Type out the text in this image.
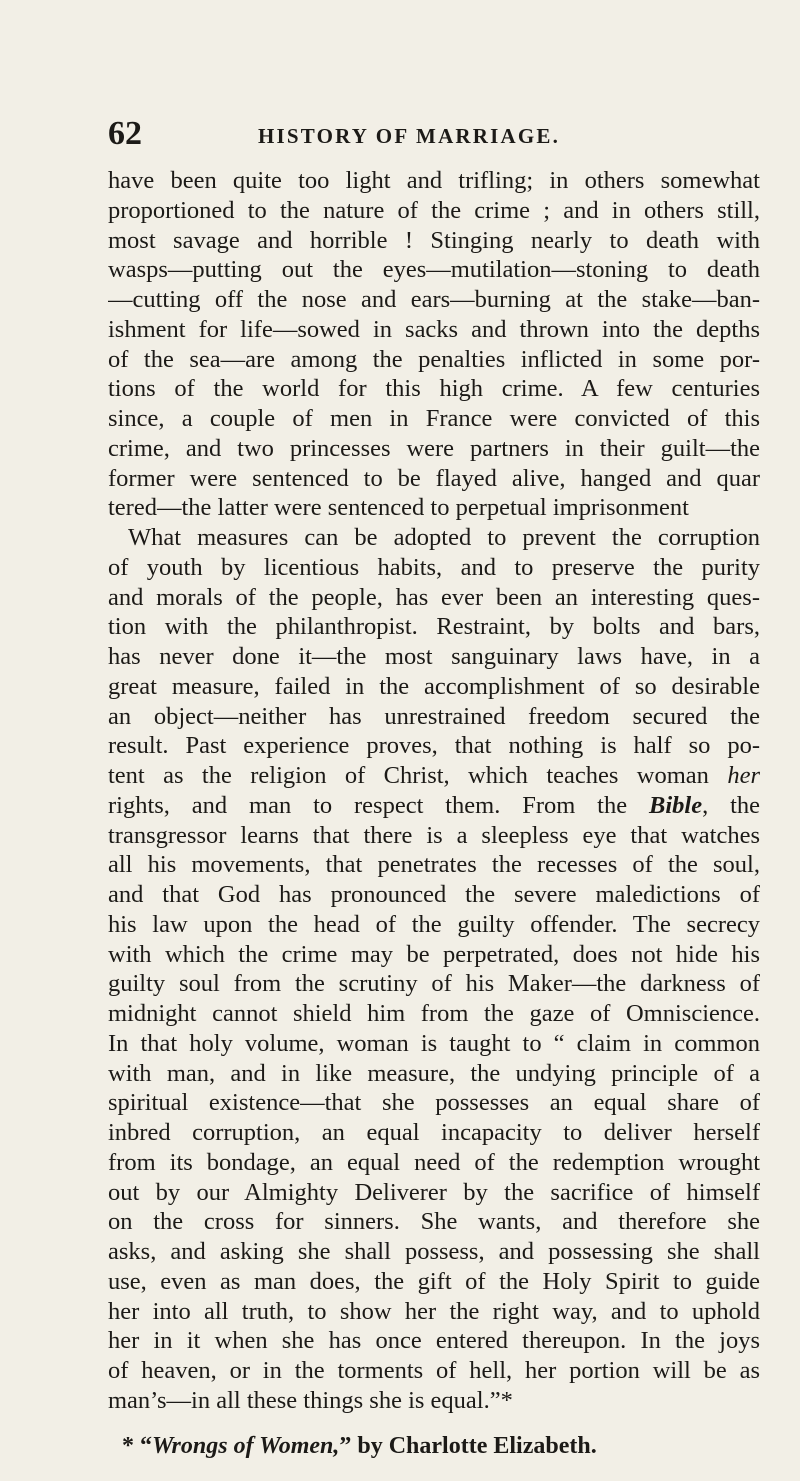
62	HISTORY OF MARRIAGE.
have been quite too light and trifling; in others somewhat
proportioned to the nature of the crime ; and in others still,
most savage and horrible ! Stinging nearly to death with
wasps—putting out the eyes—mutilation—stoning to death
—cutting off the nose and ears—burning at the stake—ban-
ishment for life—sowed in sacks and thrown into the depths
of the sea—are among the penalties inflicted in some por-
tions of the world for this high crime. A few centuries
since, a couple of men in France were convicted of this
crime, and two princesses were partners in their guilt—the
former were sentenced to be flayed alive, hanged and quar
tered—the latter were sentenced to perpetual imprisonment
What measures can be adopted to prevent the corruption
of youth by licentious habits, and to preserve the purity
and morals of the people, has ever been an interesting ques-
tion with the philanthropist. Restraint, by bolts and bars,
has never done it—the most sanguinary laws have, in a
great measure, failed in the accomplishment of so desirable
an object—neither has unrestrained freedom secured the
result. Past experience proves, that nothing is half so po-
tent as the religion of Christ, which teaches woman her
rights, and man to respect them. From the Bible, the
transgressor learns that there is a sleepless eye that watches
all his movements, that penetrates the recesses of the soul,
and that God has pronounced the severe maledictions of
his law upon the head of the guilty offender. The secrecy
with which the crime may be perpetrated, does not hide his
guilty soul from the scrutiny of his Maker—the darkness of
midnight cannot shield him from the gaze of Omniscience.
In that holy volume, woman is taught to “ claim in common
with man, and in like measure, the undying principle of a
spiritual existence—that she possesses an equal share of
inbred corruption, an equal incapacity to deliver herself
from its bondage, an equal need of the redemption wrought
out by our Almighty Deliverer by the sacrifice of himself
on the cross for sinners. She wants, and therefore she
asks, and asking she shall possess, and possessing she shall
use, even as man does, the gift of the Holy Spirit to guide
her into all truth, to show her the right way, and to uphold
her in it when she has once entered thereupon. In the joys
of heaven, or in the torments of hell, her portion will be as
man’s—in all these things she is equal.”*
* “Wrongs of Women,” by Charlotte Elizabeth.
